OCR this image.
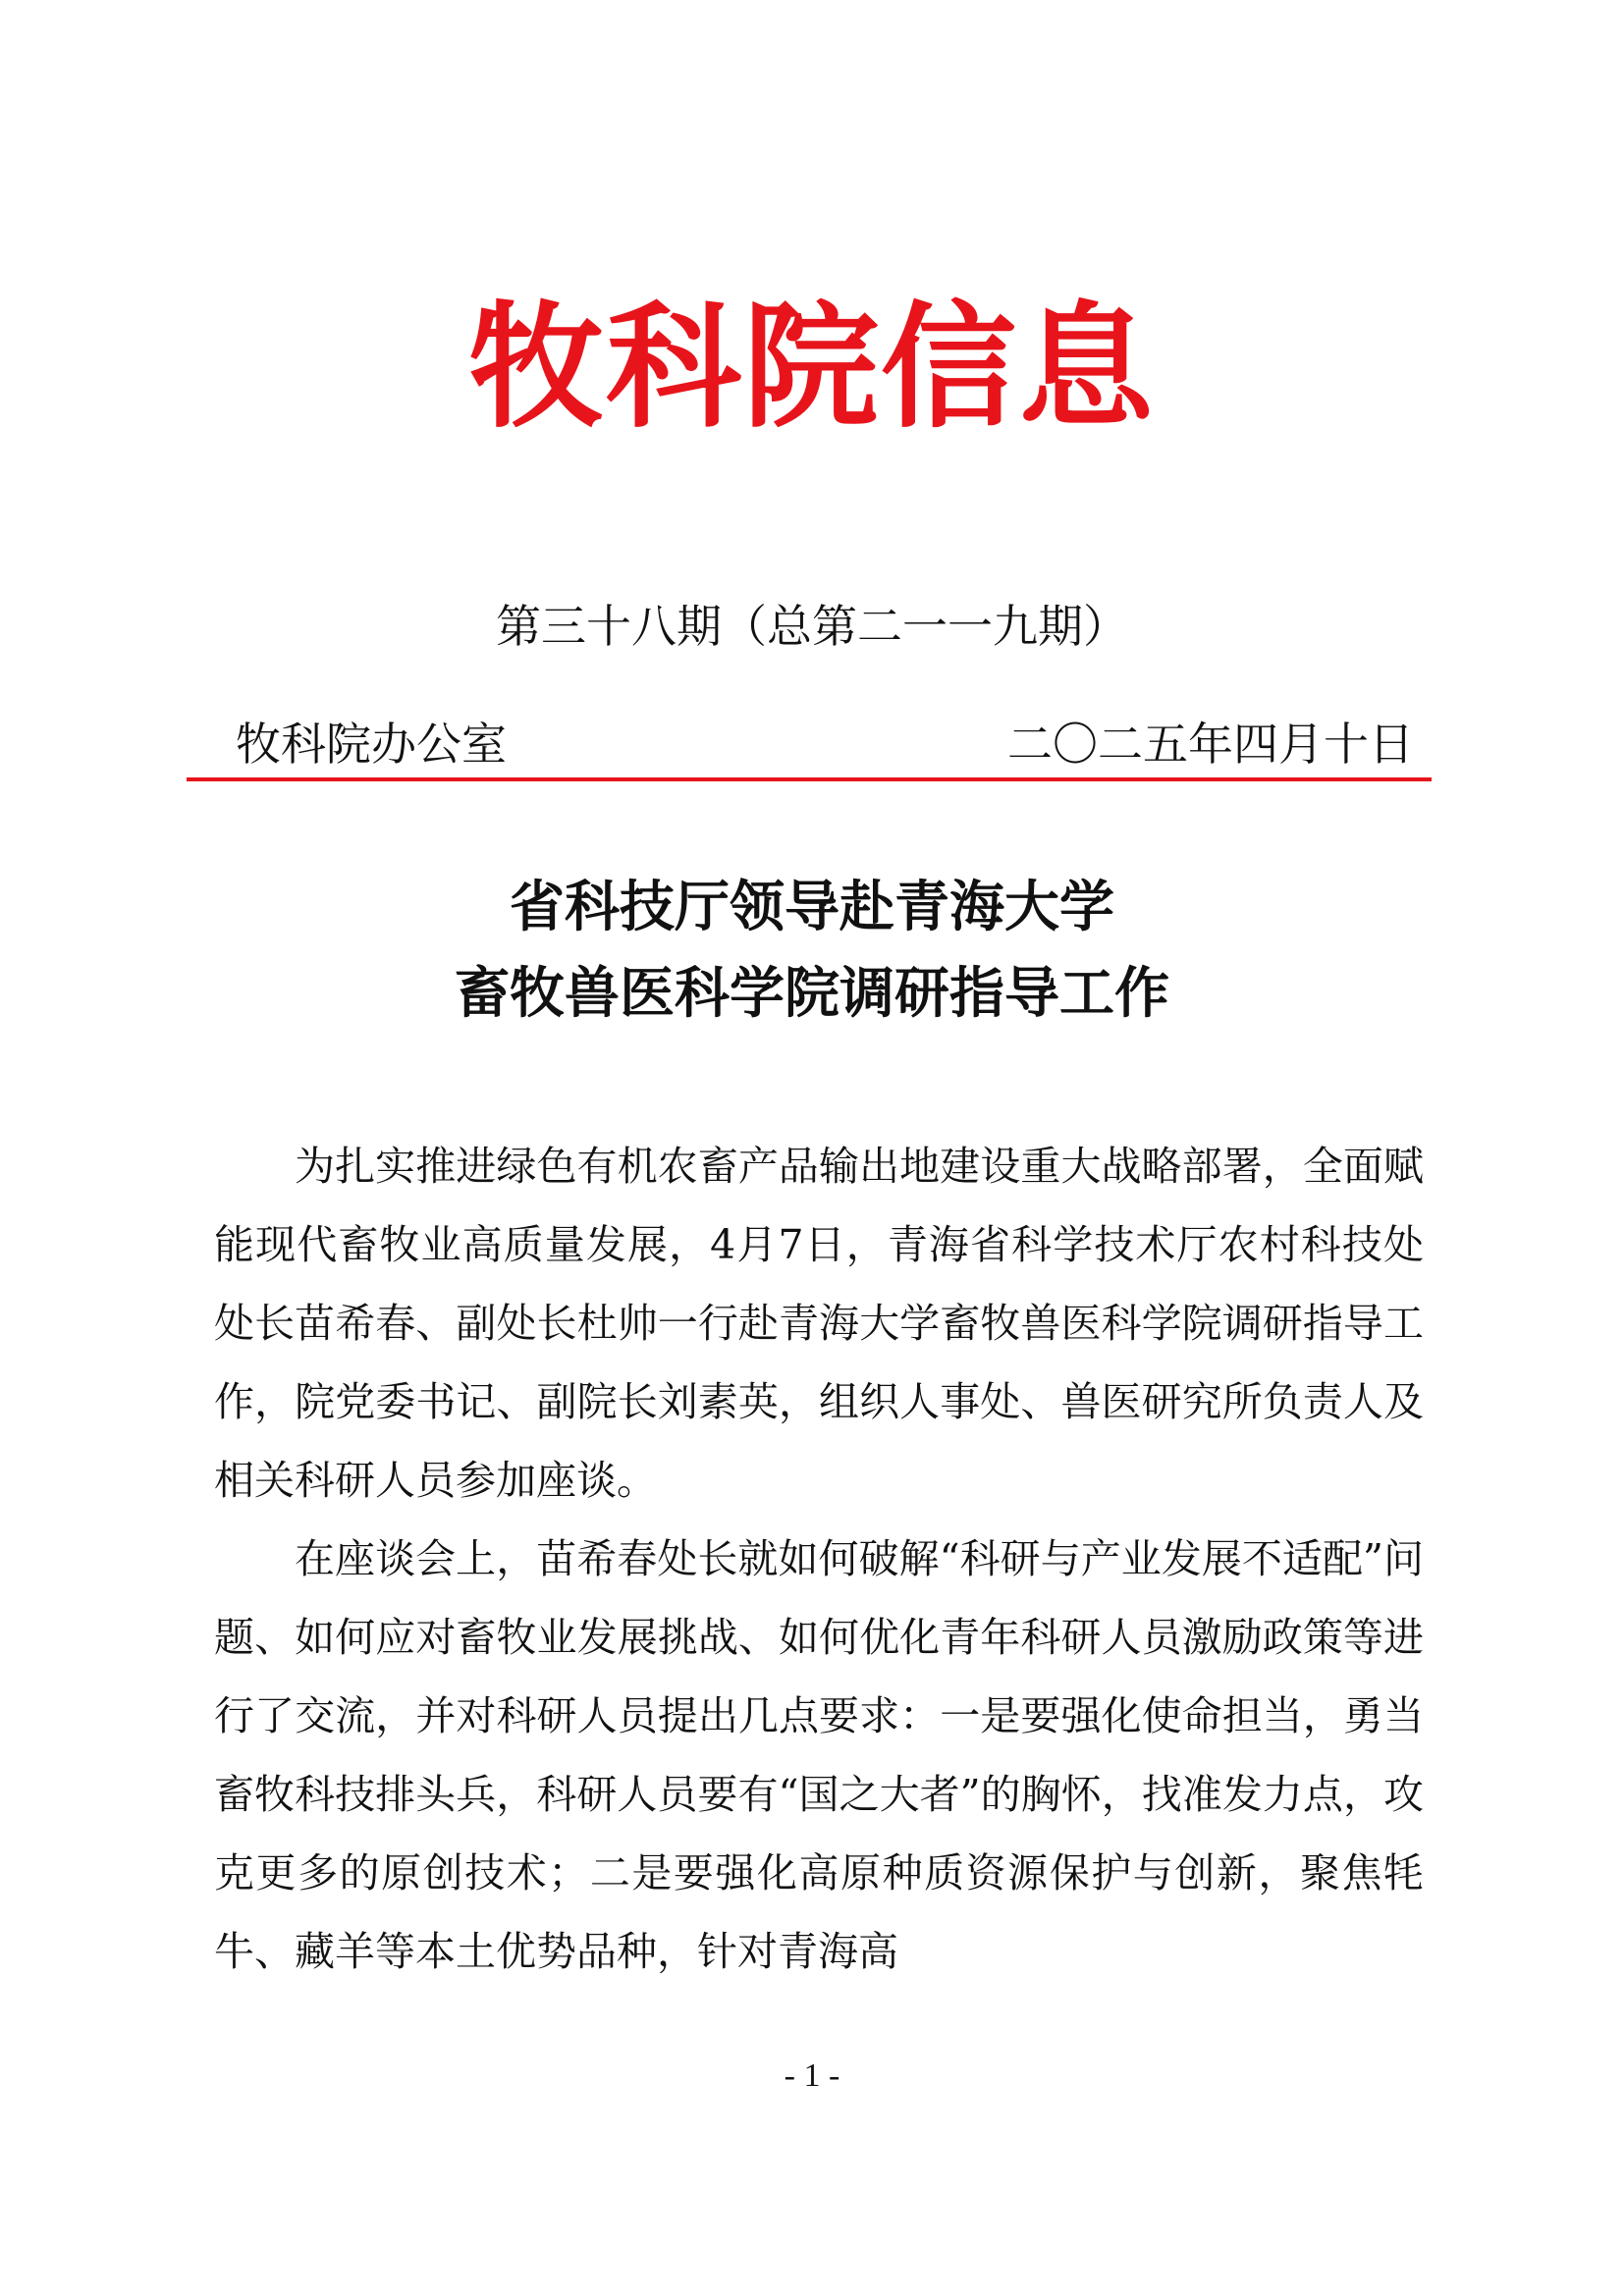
牧科院信息
第三十八期（总第二一一九期）
牧科院办公室	二〇二五年四月十日
省科技厅领导赴青海大学
畜牧兽医科学院调研指导工作

为扎实推进绿色有机农畜产品输出地建设重大战略部署，全面赋能现代畜牧业高质量发展，4月7日，青海省科学技术厅农村科技处处长苗希春、副处长杜帅一行赴青海大学畜牧兽医科学院调研指导工作，院党委书记、副院长刘素英，组织人事处、兽医研究所负责人及相关科研人员参加座谈。

在座谈会上，苗希春处长就如何破解“科研与产业发展不适配”问题、如何应对畜牧业发展挑战、如何优化青年科研人员激励政策等进行了交流，并对科研人员提出几点要求：一是要强化使命担当，勇当畜牧科技排头兵，科研人员要有“国之大者”的胸怀，找准发力点，攻克更多的原创技术；二是要强化高原种质资源保护与创新，聚焦牦牛、藏羊等本土优势品种，针对青海高

- 1 -
